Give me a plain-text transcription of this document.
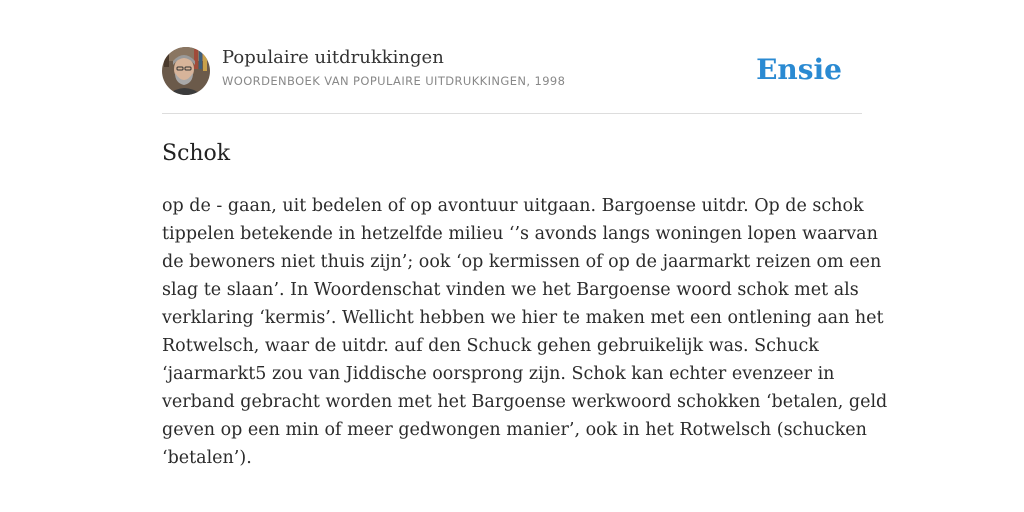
Populaire uitdrukkingen
WOORDENBOEK VAN POPULAIRE UITDRUKKINGEN, 1998	Ensie
Schok
op de - gaan, uit bedelen of op avontuur uitgaan. Bargoense uitdr. Op de schok
tippelen betekende in hetzelfde milieu ‘’s avonds langs woningen lopen waarvan
de bewoners niet thuis zijn’; ook ‘op kermissen of op de jaarmarkt reizen om een
slag te slaan’. In Woordenschat vinden we het Bargoense woord schok met als
verklaring ‘kermis’. Wellicht hebben we hier te maken met een ontlening aan het
Rotwelsch, waar de uitdr. auf den Schuck gehen gebruikelijk was. Schuck
‘jaarmarkt5 zou van Jiddische oorsprong zijn. Schok kan echter evenzeer in
verband gebracht worden met het Bargoense werkwoord schokken ‘betalen, geld
geven op een min of meer gedwongen manier’, ook in het Rotwelsch (schucken
‘betalen’).
